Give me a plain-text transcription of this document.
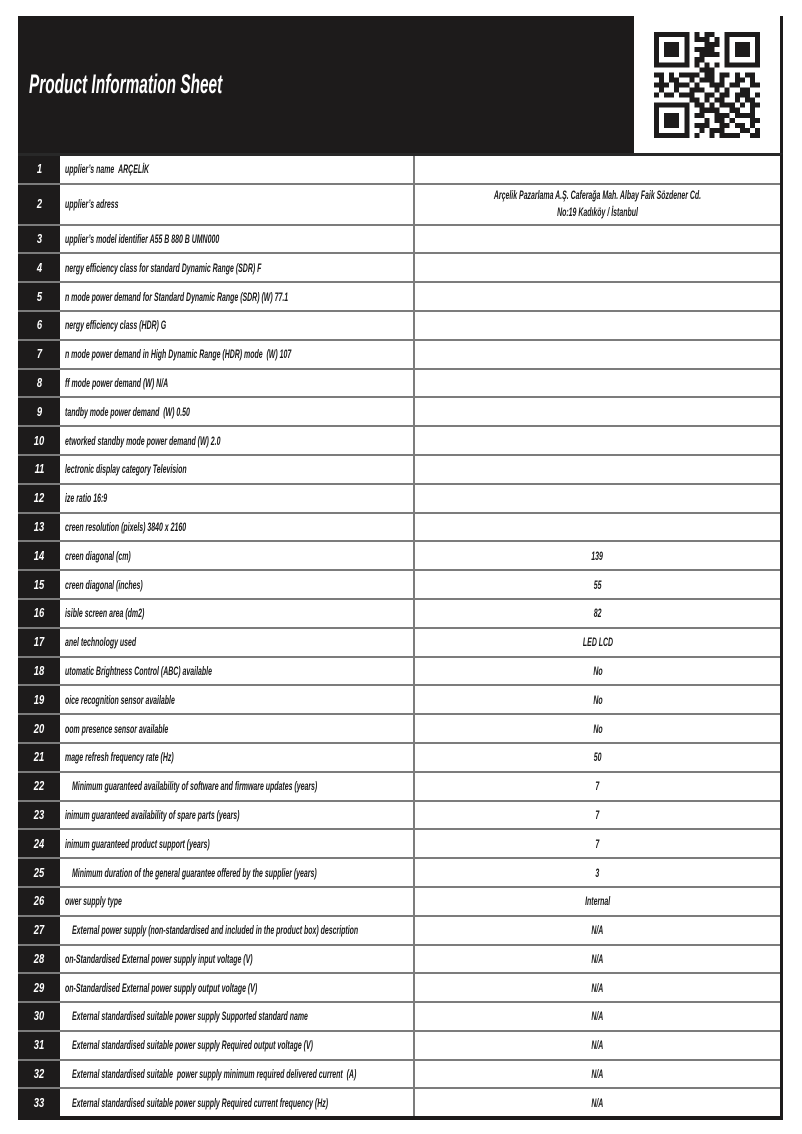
Product Information Sheet
1 upplier’s name  ARÇELİK
2 upplier’s adress
Arçelik Pazarlama A.Ş. Caferağa Mah. Albay Faik Sözdener Cd. No:19 Kadıköy / İstanbul
3 upplier’s model identifier A55 B 880 B UMN000
4 nergy efficiency class for standard Dynamic Range (SDR) F
5 n mode power demand for Standard Dynamic Range (SDR) (W) 77.1
6 nergy efficiency class (HDR) G
7 n mode power demand in High Dynamic Range (HDR) mode  (W) 107
8 ff mode power demand (W) N/A
9 tandby mode power demand  (W) 0.50
10 etworked standby mode power demand (W) 2.0
11 lectronic display category Television
12 ize ratio 16:9
13 creen resolution (pixels) 3840 x 2160
14 creen diagonal (cm)	139
15 creen diagonal (inches)	55
16 isible screen area (dm2)	82
17 anel technology used	LED LCD
18 utomatic Brightness Control (ABC) available	No
19 oice recognition sensor available	No
20 oom presence sensor available	No
21 mage refresh frequency rate (Hz)	50
22 Minimum guaranteed availability of software and firmware updates (years)	7
23 inimum guaranteed availability of spare parts (years)	7
24 inimum guaranteed product support (years)	7
25 Minimum duration of the general guarantee offered by the supplier (years)	3
26 ower supply type	Internal
27 External power supply (non-standardised and included in the product box) description	N/A
28 on-Standardised External power supply input voltage (V)	N/A
29 on-Standardised External power supply output voltage (V)	N/A
30 External standardised suitable power supply Supported standard name	N/A
31 External standardised suitable power supply Required output voltage (V)	N/A
32 External standardised suitable  power supply minimum required delivered current  (A)	N/A
33 External standardised suitable power supply Required current frequency (Hz)	N/A
